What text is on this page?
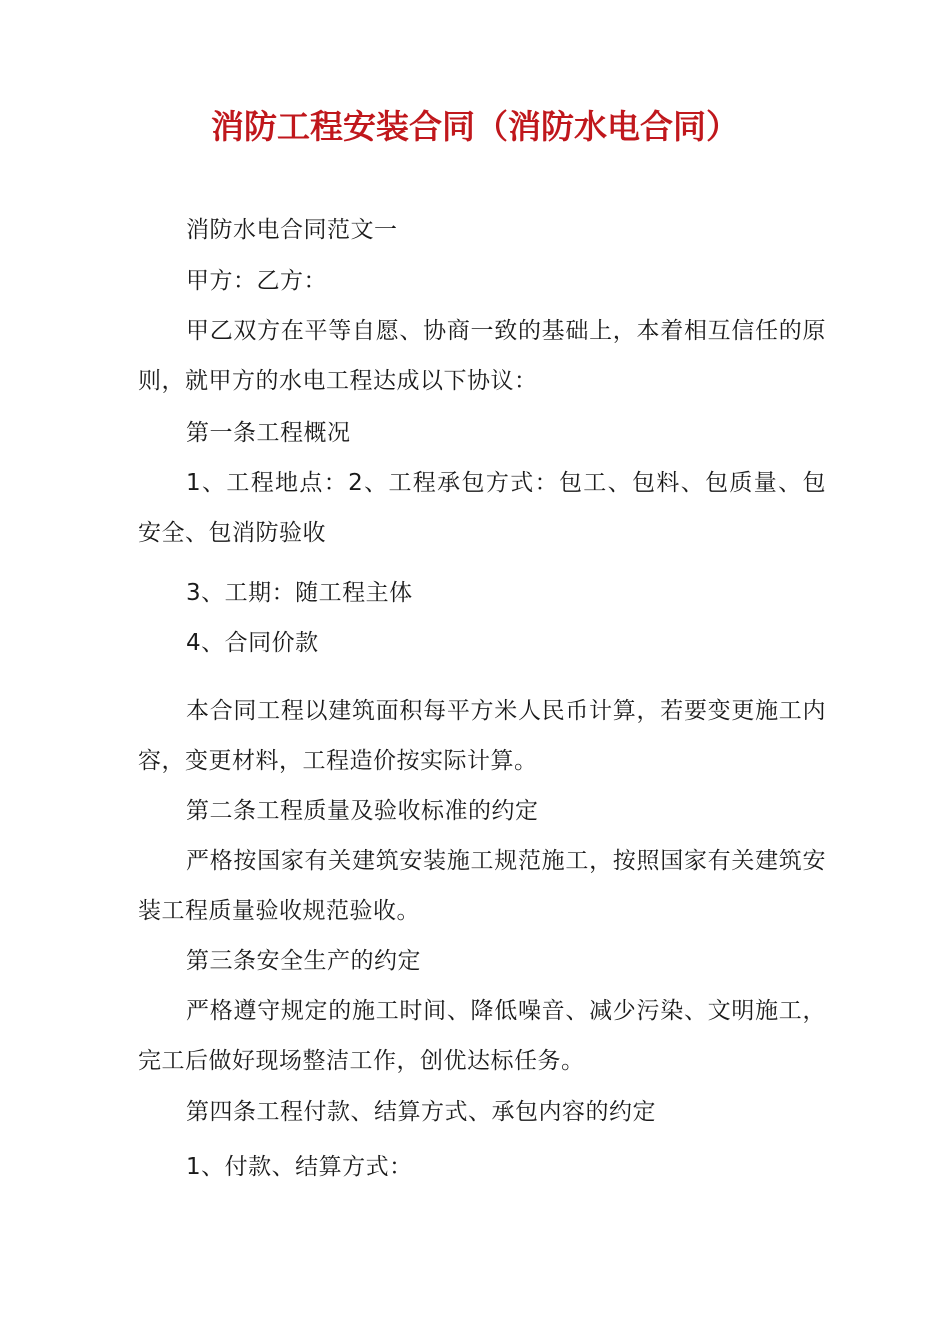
消防工程安装合同（消防水电合同）

消防水电合同范文一

甲方：乙方：

甲乙双方在平等自愿、协商一致的基础上，本着相互信任的原则，就甲方的水电工程达成以下协议：

第一条工程概况

1、工程地点：2、工程承包方式：包工、包料、包质量、包安全、包消防验收

3、工期：随工程主体

4、合同价款

本合同工程以建筑面积每平方米人民币计算，若要变更施工内容，变更材料，工程造价按实际计算。

第二条工程质量及验收标准的约定

严格按国家有关建筑安装施工规范施工，按照国家有关建筑安装工程质量验收规范验收。

第三条安全生产的约定

严格遵守规定的施工时间、降低噪音、减少污染、文明施工，完工后做好现场整洁工作，创优达标任务。

第四条工程付款、结算方式、承包内容的约定

1、付款、结算方式：
